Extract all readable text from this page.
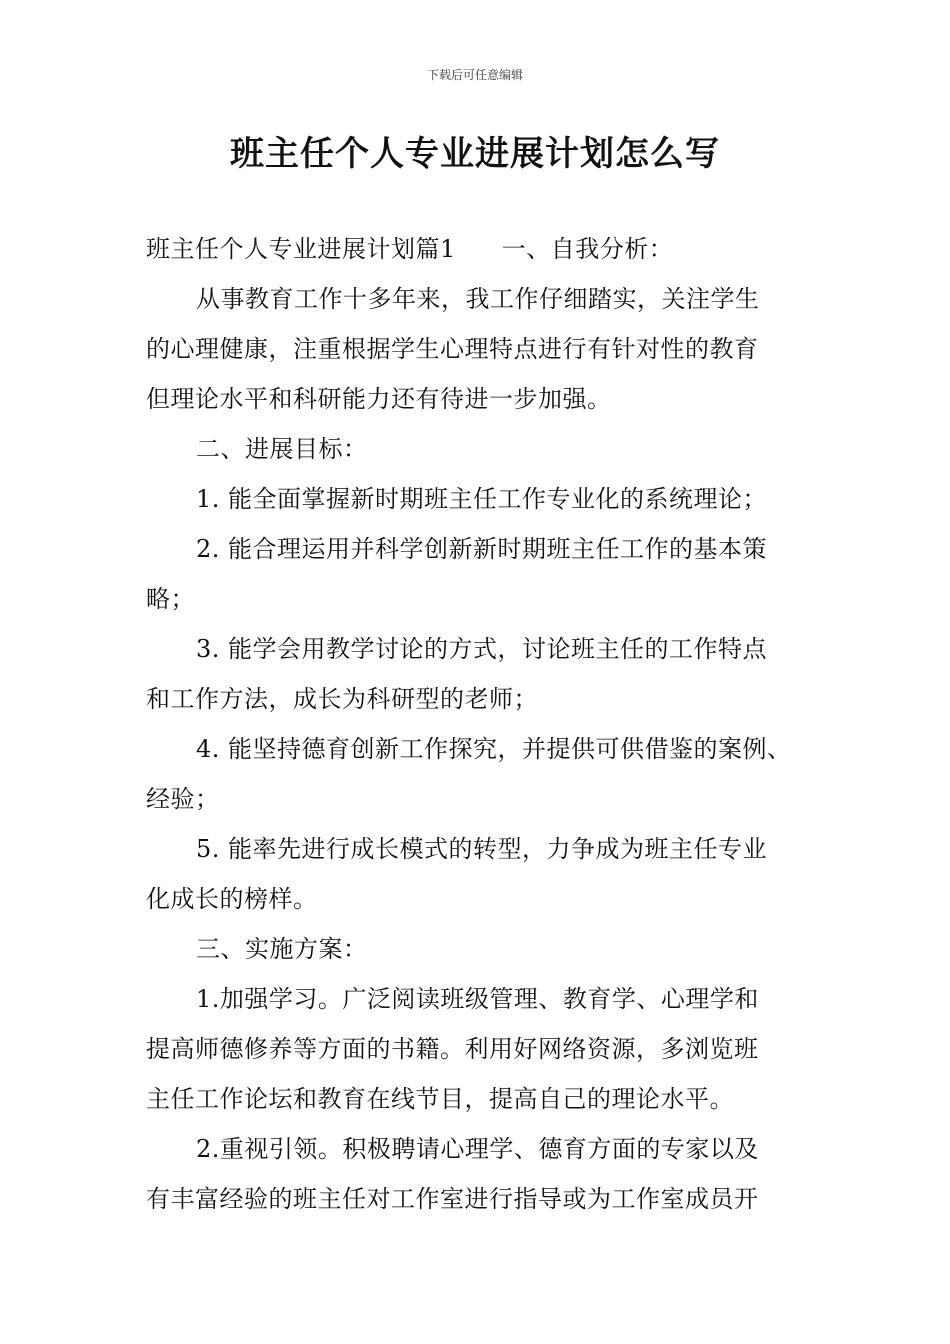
下载后可任意编辑
班主任个人专业进展计划怎么写
班主任个人专业进展计划篇1 一、自我分析：
从事教育工作十多年来，我工作仔细踏实，关注学生
的心理健康，注重根据学生心理特点进行有针对性的教育
但理论水平和科研能力还有待进一步加强。
二、进展目标：
1. 能全面掌握新时期班主任工作专业化的系统理论；
2. 能合理运用并科学创新新时期班主任工作的基本策
略；
3. 能学会用教学讨论的方式，讨论班主任的工作特点
和工作方法，成长为科研型的老师；
4. 能坚持德育创新工作探究，并提供可供借鉴的案例、
经验；
5. 能率先进行成长模式的转型，力争成为班主任专业
化成长的榜样。
三、实施方案：
1.加强学习。广泛阅读班级管理、教育学、心理学和
提高师德修养等方面的书籍。利用好网络资源，多浏览班
主任工作论坛和教育在线节目，提高自己的理论水平。
2.重视引领。积极聘请心理学、德育方面的专家以及
有丰富经验的班主任对工作室进行指导或为工作室成员开
